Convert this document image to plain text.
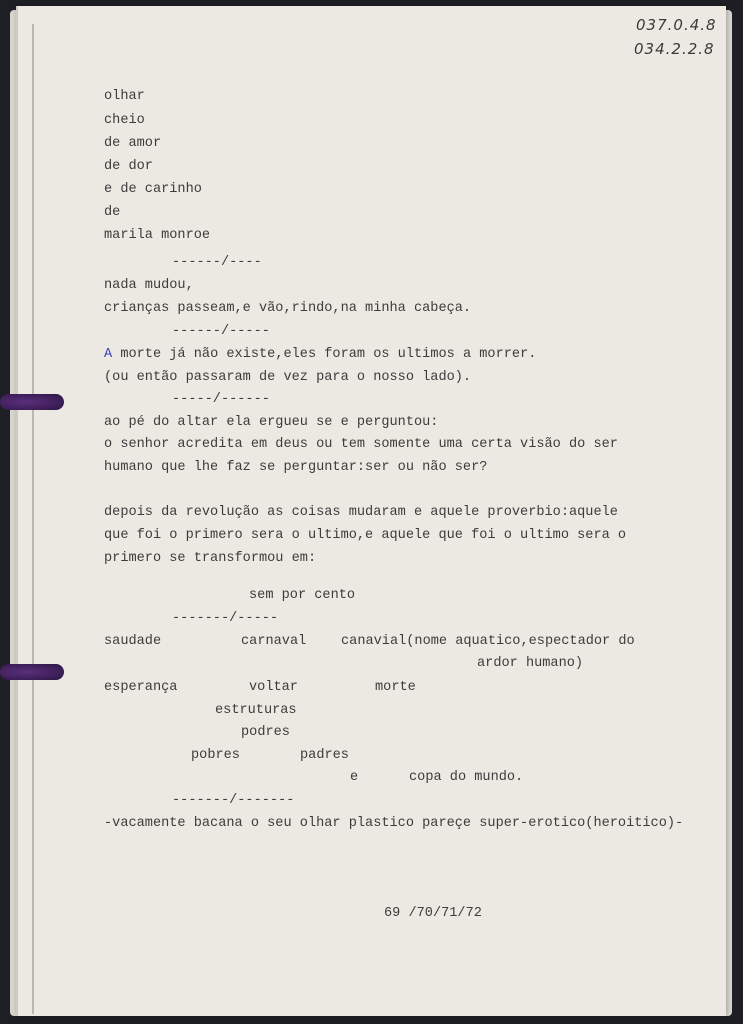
037.0.4.8
034.2.2.8
olhar
cheio
de amor
de dor
e de carinho
de
marila monroe
------/----
nada mudou,
crianças passeam,e vão,rindo,na minha cabeça.
------/-----
A morte já não existe,eles foram os ultimos a morrer.
(ou então passaram de vez para o nosso lado).
-----/------
ao pé do altar ela ergueu se e perguntou:
o senhor acredita em deus ou tem somente uma certa visão do ser
humano que lhe faz se perguntar:ser ou não ser?
depois da revolução as coisas mudaram e aquele proverbio:aquele
que foi o primero sera o ultimo,e aquele que foi o ultimo sera o
primero se transformou em:
sem por cento
-------/-----
saudade	carnaval	canavial(nome aquatico,espectador do
ardor humano)
esperança	voltar	morte
estruturas
podres
pobres	padres
e	copa do mundo.
-------/-------
-vacamente bacana o seu olhar plastico pareçe super-erotico(heroitico)-
69 /70/71/72
